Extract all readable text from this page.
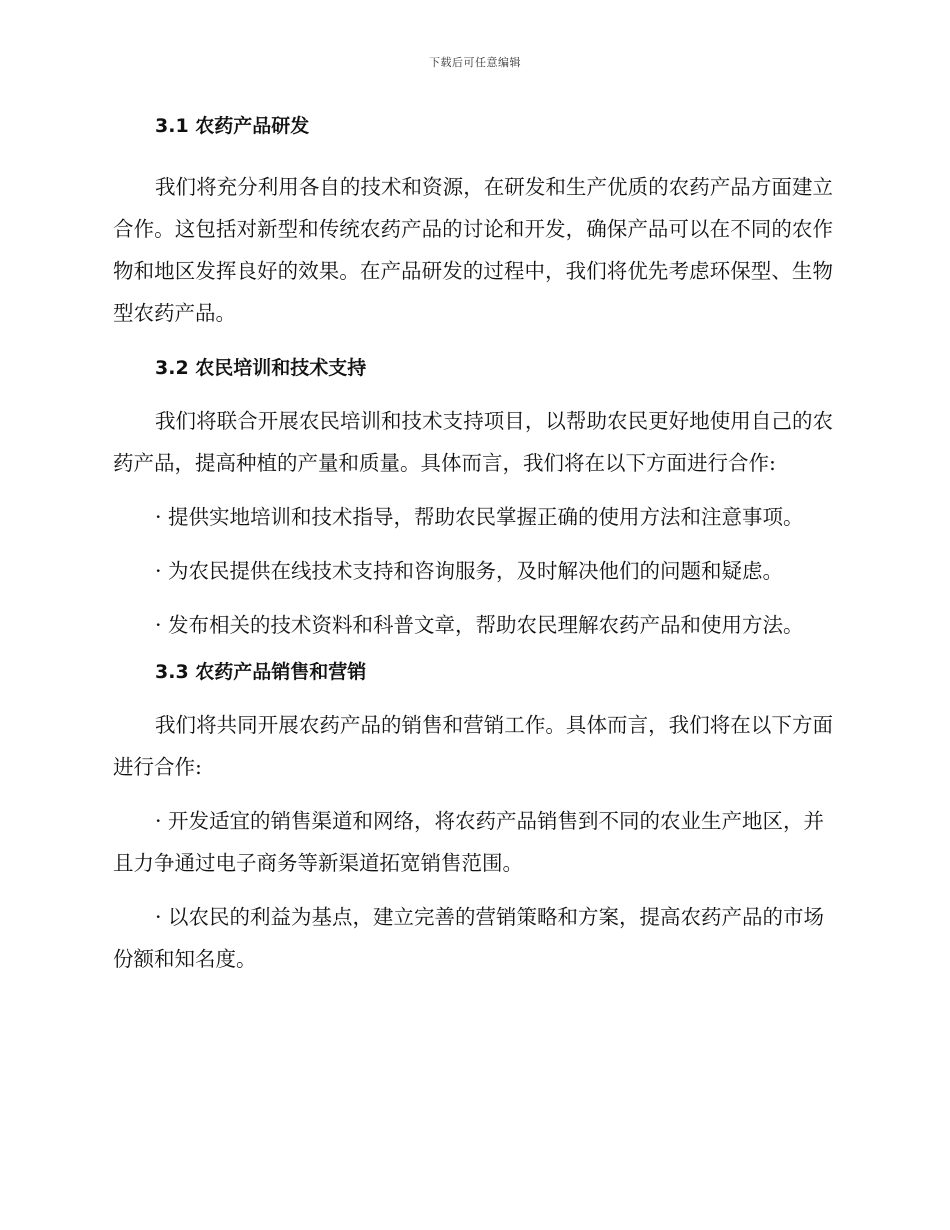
下载后可任意编辑
3.1 农药产品研发

我们将充分利用各自的技术和资源，在研发和生产优质的农药产品方面建立合作。这包括对新型和传统农药产品的讨论和开发，确保产品可以在不同的农作物和地区发挥良好的效果。在产品研发的过程中，我们将优先考虑环保型、生物型农药产品。

3.2 农民培训和技术支持

我们将联合开展农民培训和技术支持项目，以帮助农民更好地使用自己的农药产品，提高种植的产量和质量。具体而言，我们将在以下方面进行合作:

· 提供实地培训和技术指导，帮助农民掌握正确的使用方法和注意事项。

· 为农民提供在线技术支持和咨询服务，及时解决他们的问题和疑虑。

· 发布相关的技术资料和科普文章，帮助农民理解农药产品和使用方法。

3.3 农药产品销售和营销

我们将共同开展农药产品的销售和营销工作。具体而言，我们将在以下方面进行合作:

· 开发适宜的销售渠道和网络，将农药产品销售到不同的农业生产地区，并且力争通过电子商务等新渠道拓宽销售范围。

· 以农民的利益为基点，建立完善的营销策略和方案，提高农药产品的市场份额和知名度。
